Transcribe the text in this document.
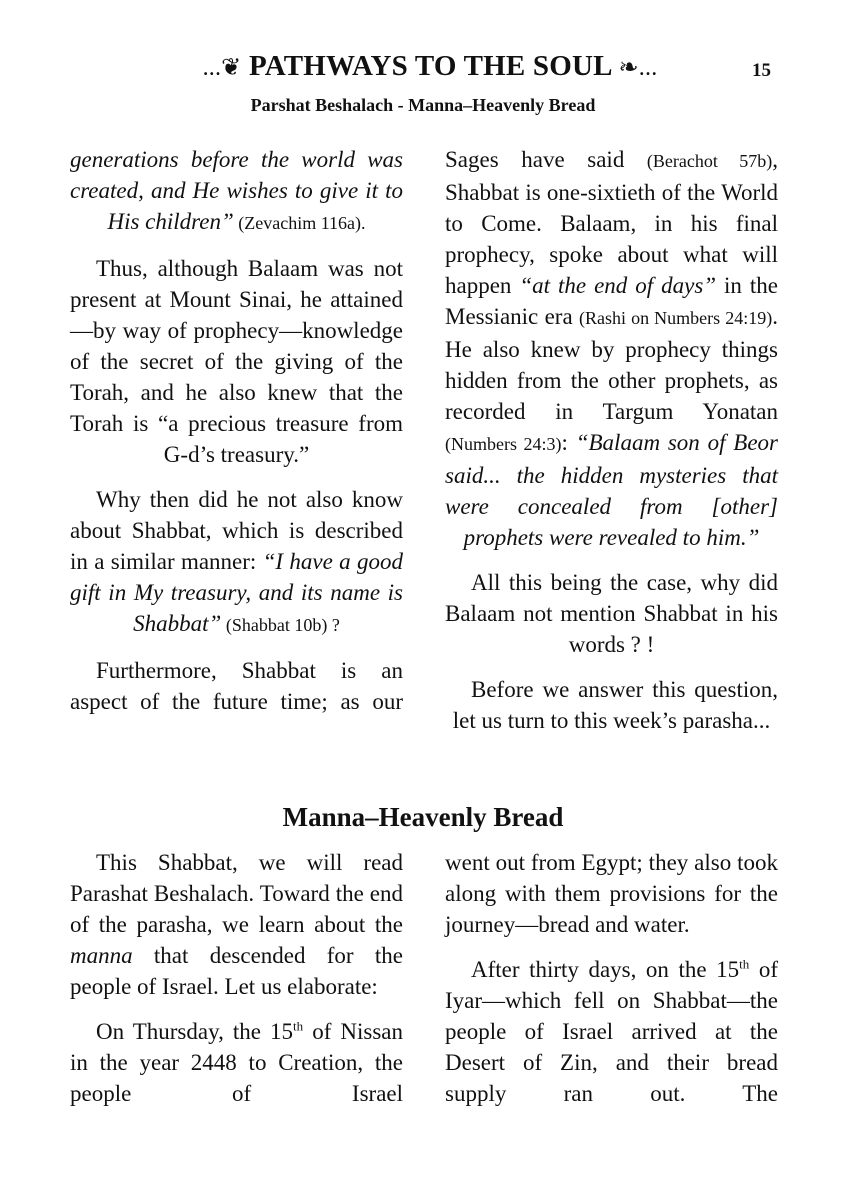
...❦ PATHWAYS TO THE SOUL ❧...	15
Parshat Beshalach - Manna–Heavenly Bread

generations before the world was created, and He wishes to give it to His children” (Zevachim 116a).

Thus, although Balaam was not present at Mount Sinai, he attained—by way of prophecy—knowledge of the secret of the giving of the Torah, and he also knew that the Torah is “a precious treasure from G-d’s treasury.”

Why then did he not also know about Shabbat, which is described in a similar manner: “I have a good gift in My treasury, and its name is Shabbat” (Shabbat 10b) ?

Furthermore, Shabbat is an aspect of the future time; as our

Sages have said (Berachot 57b), Shabbat is one-sixtieth of the World to Come. Balaam, in his final prophecy, spoke about what will happen “at the end of days” in the Messianic era (Rashi on Numbers 24:19). He also knew by prophecy things hidden from the other prophets, as recorded in Targum Yonatan (Numbers 24:3): “Balaam son of Beor said... the hidden mysteries that were concealed from [other] prophets were revealed to him.”

All this being the case, why did Balaam not mention Shabbat in his words ? !

Before we answer this question, let us turn to this week’s parasha...

Manna–Heavenly Bread

This Shabbat, we will read Parashat Beshalach. Toward the end of the parasha, we learn about the manna that descended for the people of Israel. Let us elaborate:

On Thursday, the 15th of Nissan in the year 2448 to Creation, the people of Israel

went out from Egypt; they also took along with them provisions for the journey—bread and water.

After thirty days, on the 15th of Iyar—which fell on Shabbat—the people of Israel arrived at the Desert of Zin, and their bread supply ran out. The
